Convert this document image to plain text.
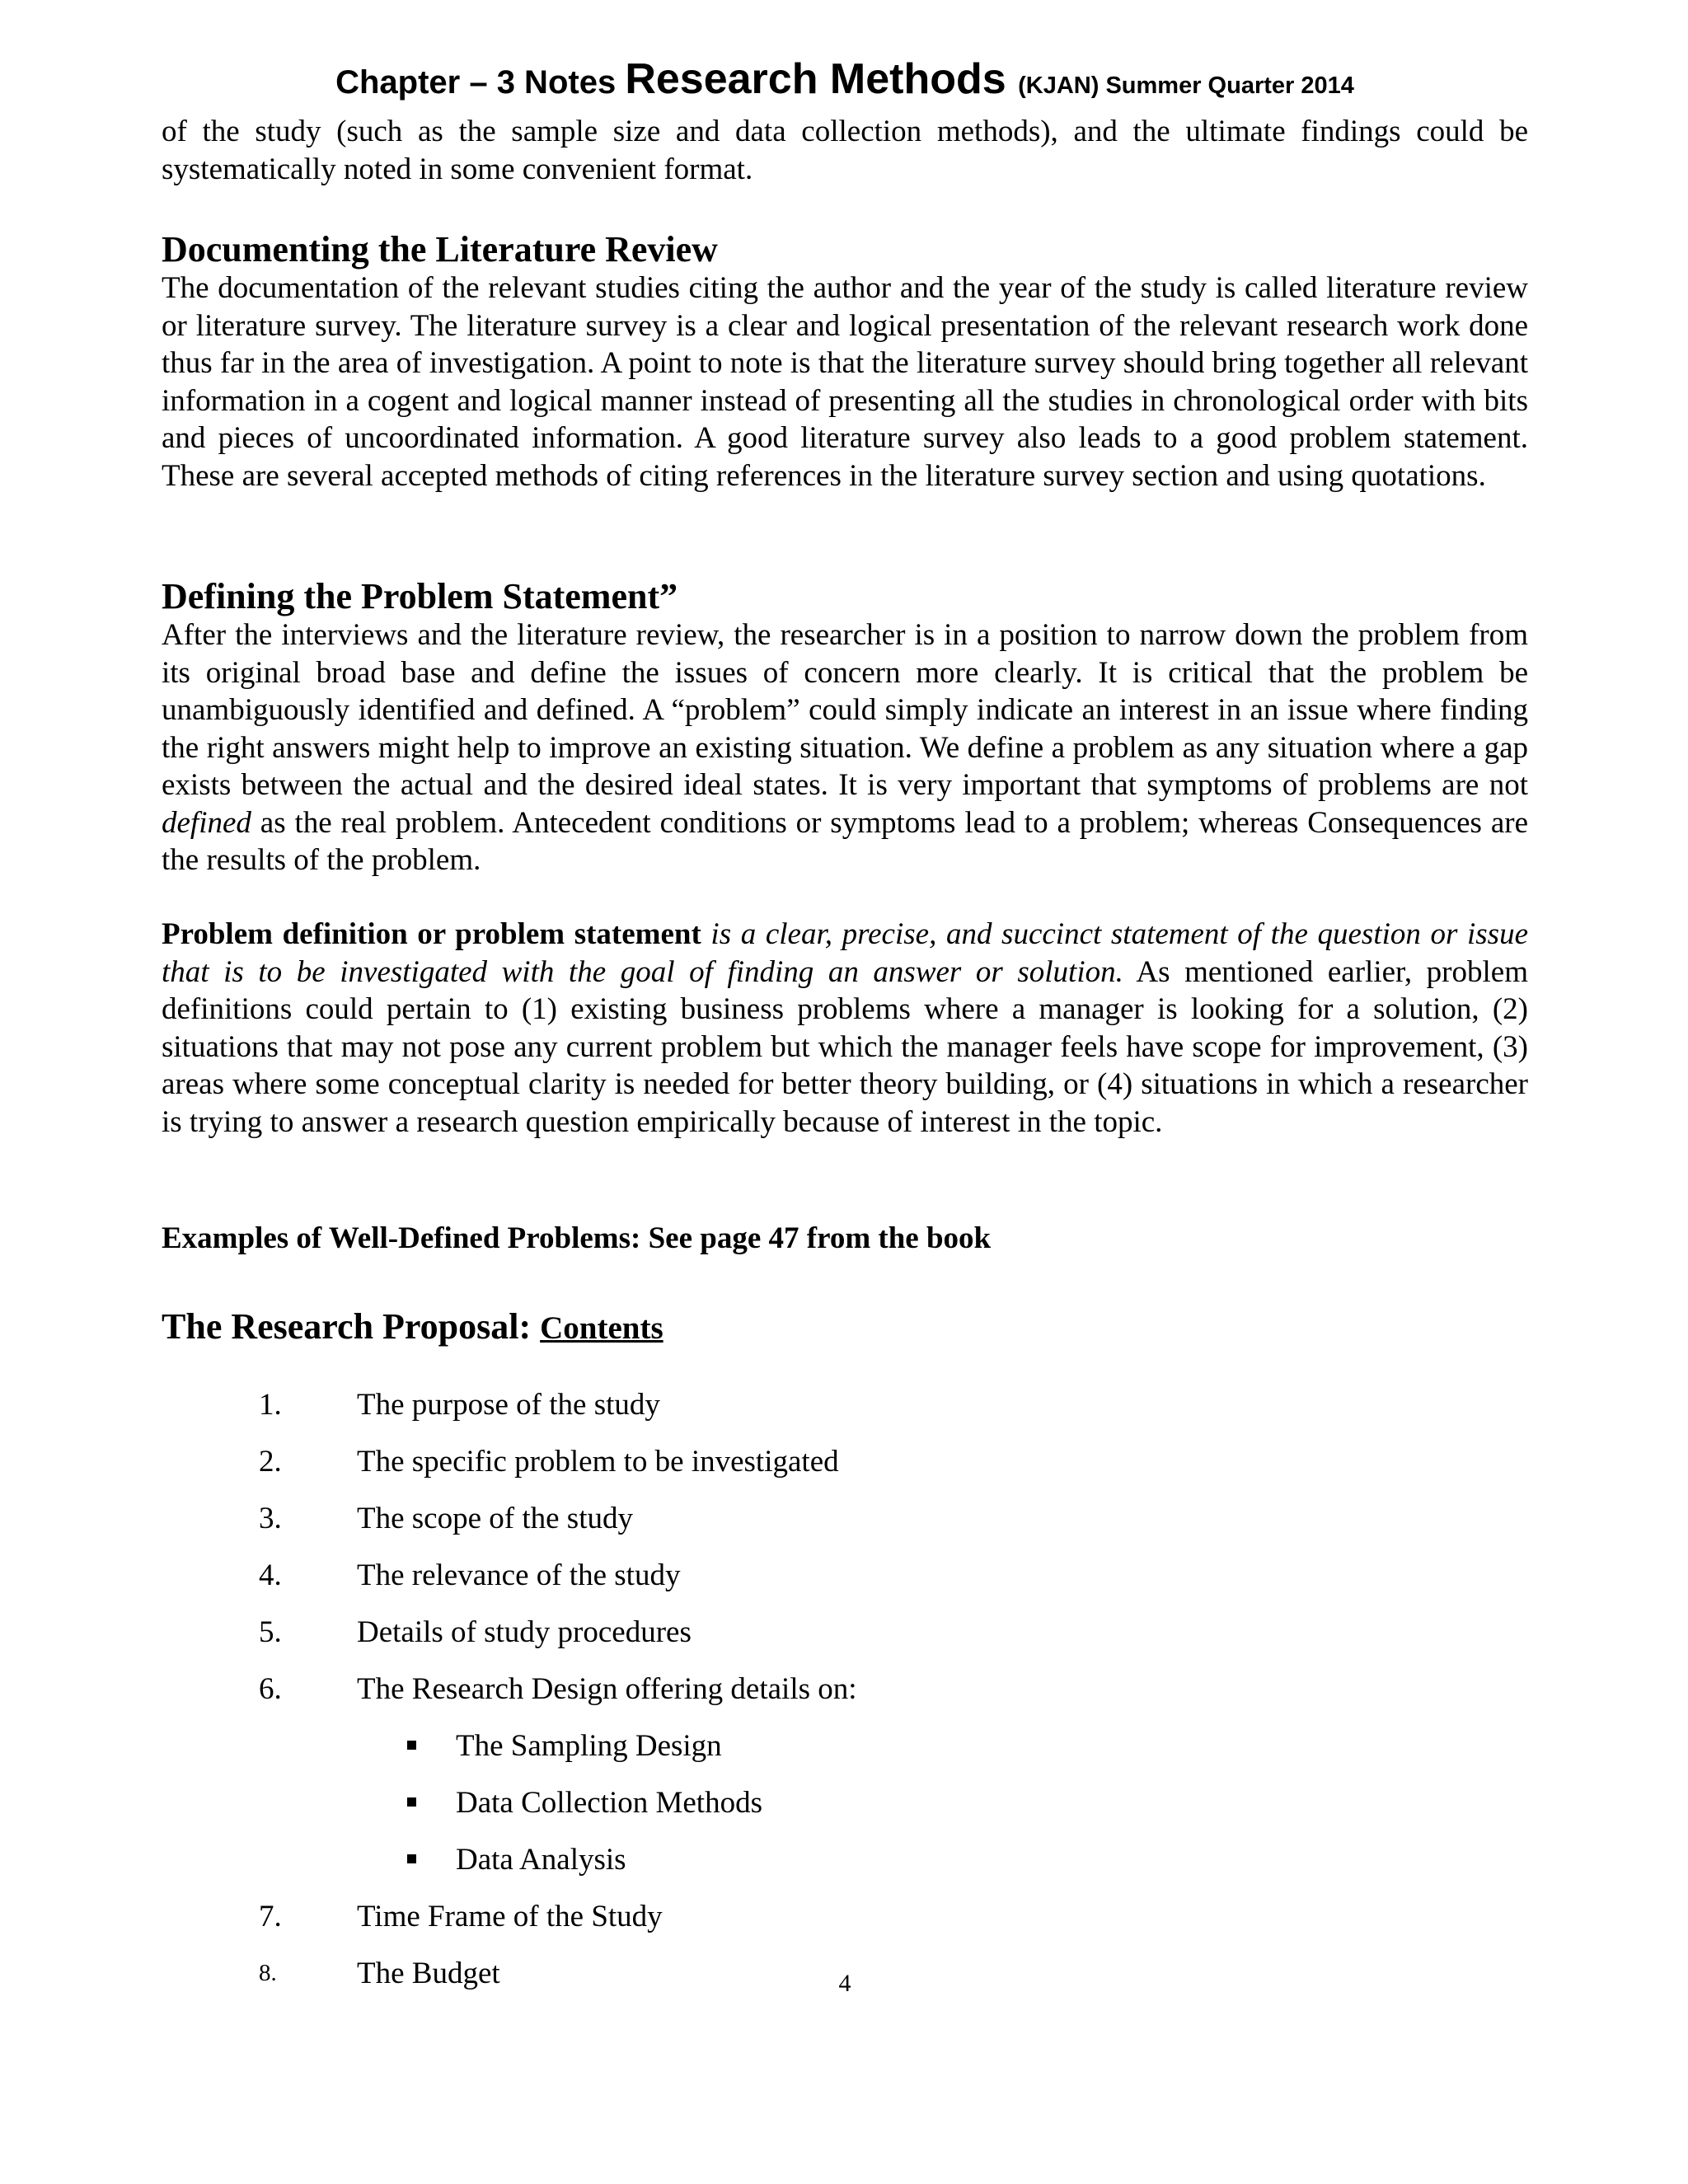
Chapter – 3 Notes Research Methods (KJAN) Summer Quarter 2014

of the study (such as the sample size and data collection methods), and the ultimate findings could be systematically noted in some convenient format.

Documenting the Literature Review

The documentation of the relevant studies citing the author and the year of the study is called literature review or literature survey. The literature survey is a clear and logical presentation of the relevant research work done thus far in the area of investigation. A point to note is that the literature survey should bring together all relevant information in a cogent and logical manner instead of presenting all the studies in chronological order with bits and pieces of uncoordinated information. A good literature survey also leads to a good problem statement. These are several accepted methods of citing references in the literature survey section and using quotations.

Defining the Problem Statement”

After the interviews and the literature review, the researcher is in a position to narrow down the problem from its original broad base and define the issues of concern more clearly. It is critical that the problem be unambiguously identified and defined. A “problem” could simply indicate an interest in an issue where finding the right answers might help to improve an existing situation. We define a problem as any situation where a gap exists between the actual and the desired ideal states. It is very important that symptoms of problems are not defined as the real problem. Antecedent conditions or symptoms lead to a problem; whereas Consequences are the results of the problem.

Problem definition or problem statement is a clear, precise, and succinct statement of the question or issue that is to be investigated with the goal of finding an answer or solution. As mentioned earlier, problem definitions could pertain to (1) existing business problems where a manager is looking for a solution, (2) situations that may not pose any current problem but which the manager feels have scope for improvement, (3) areas where some conceptual clarity is needed for better theory building, or (4) situations in which a researcher is trying to answer a research question empirically because of interest in the topic.

Examples of Well-Defined Problems: See page 47 from the book

The Research Proposal: Contents
1. The purpose of the study
2. The specific problem to be investigated
3. The scope of the study
4. The relevance of the study
5. Details of study procedures
6. The Research Design offering details on:
The Sampling Design
Data Collection Methods
Data Analysis
7. Time Frame of the Study
8.	The Budget	4
